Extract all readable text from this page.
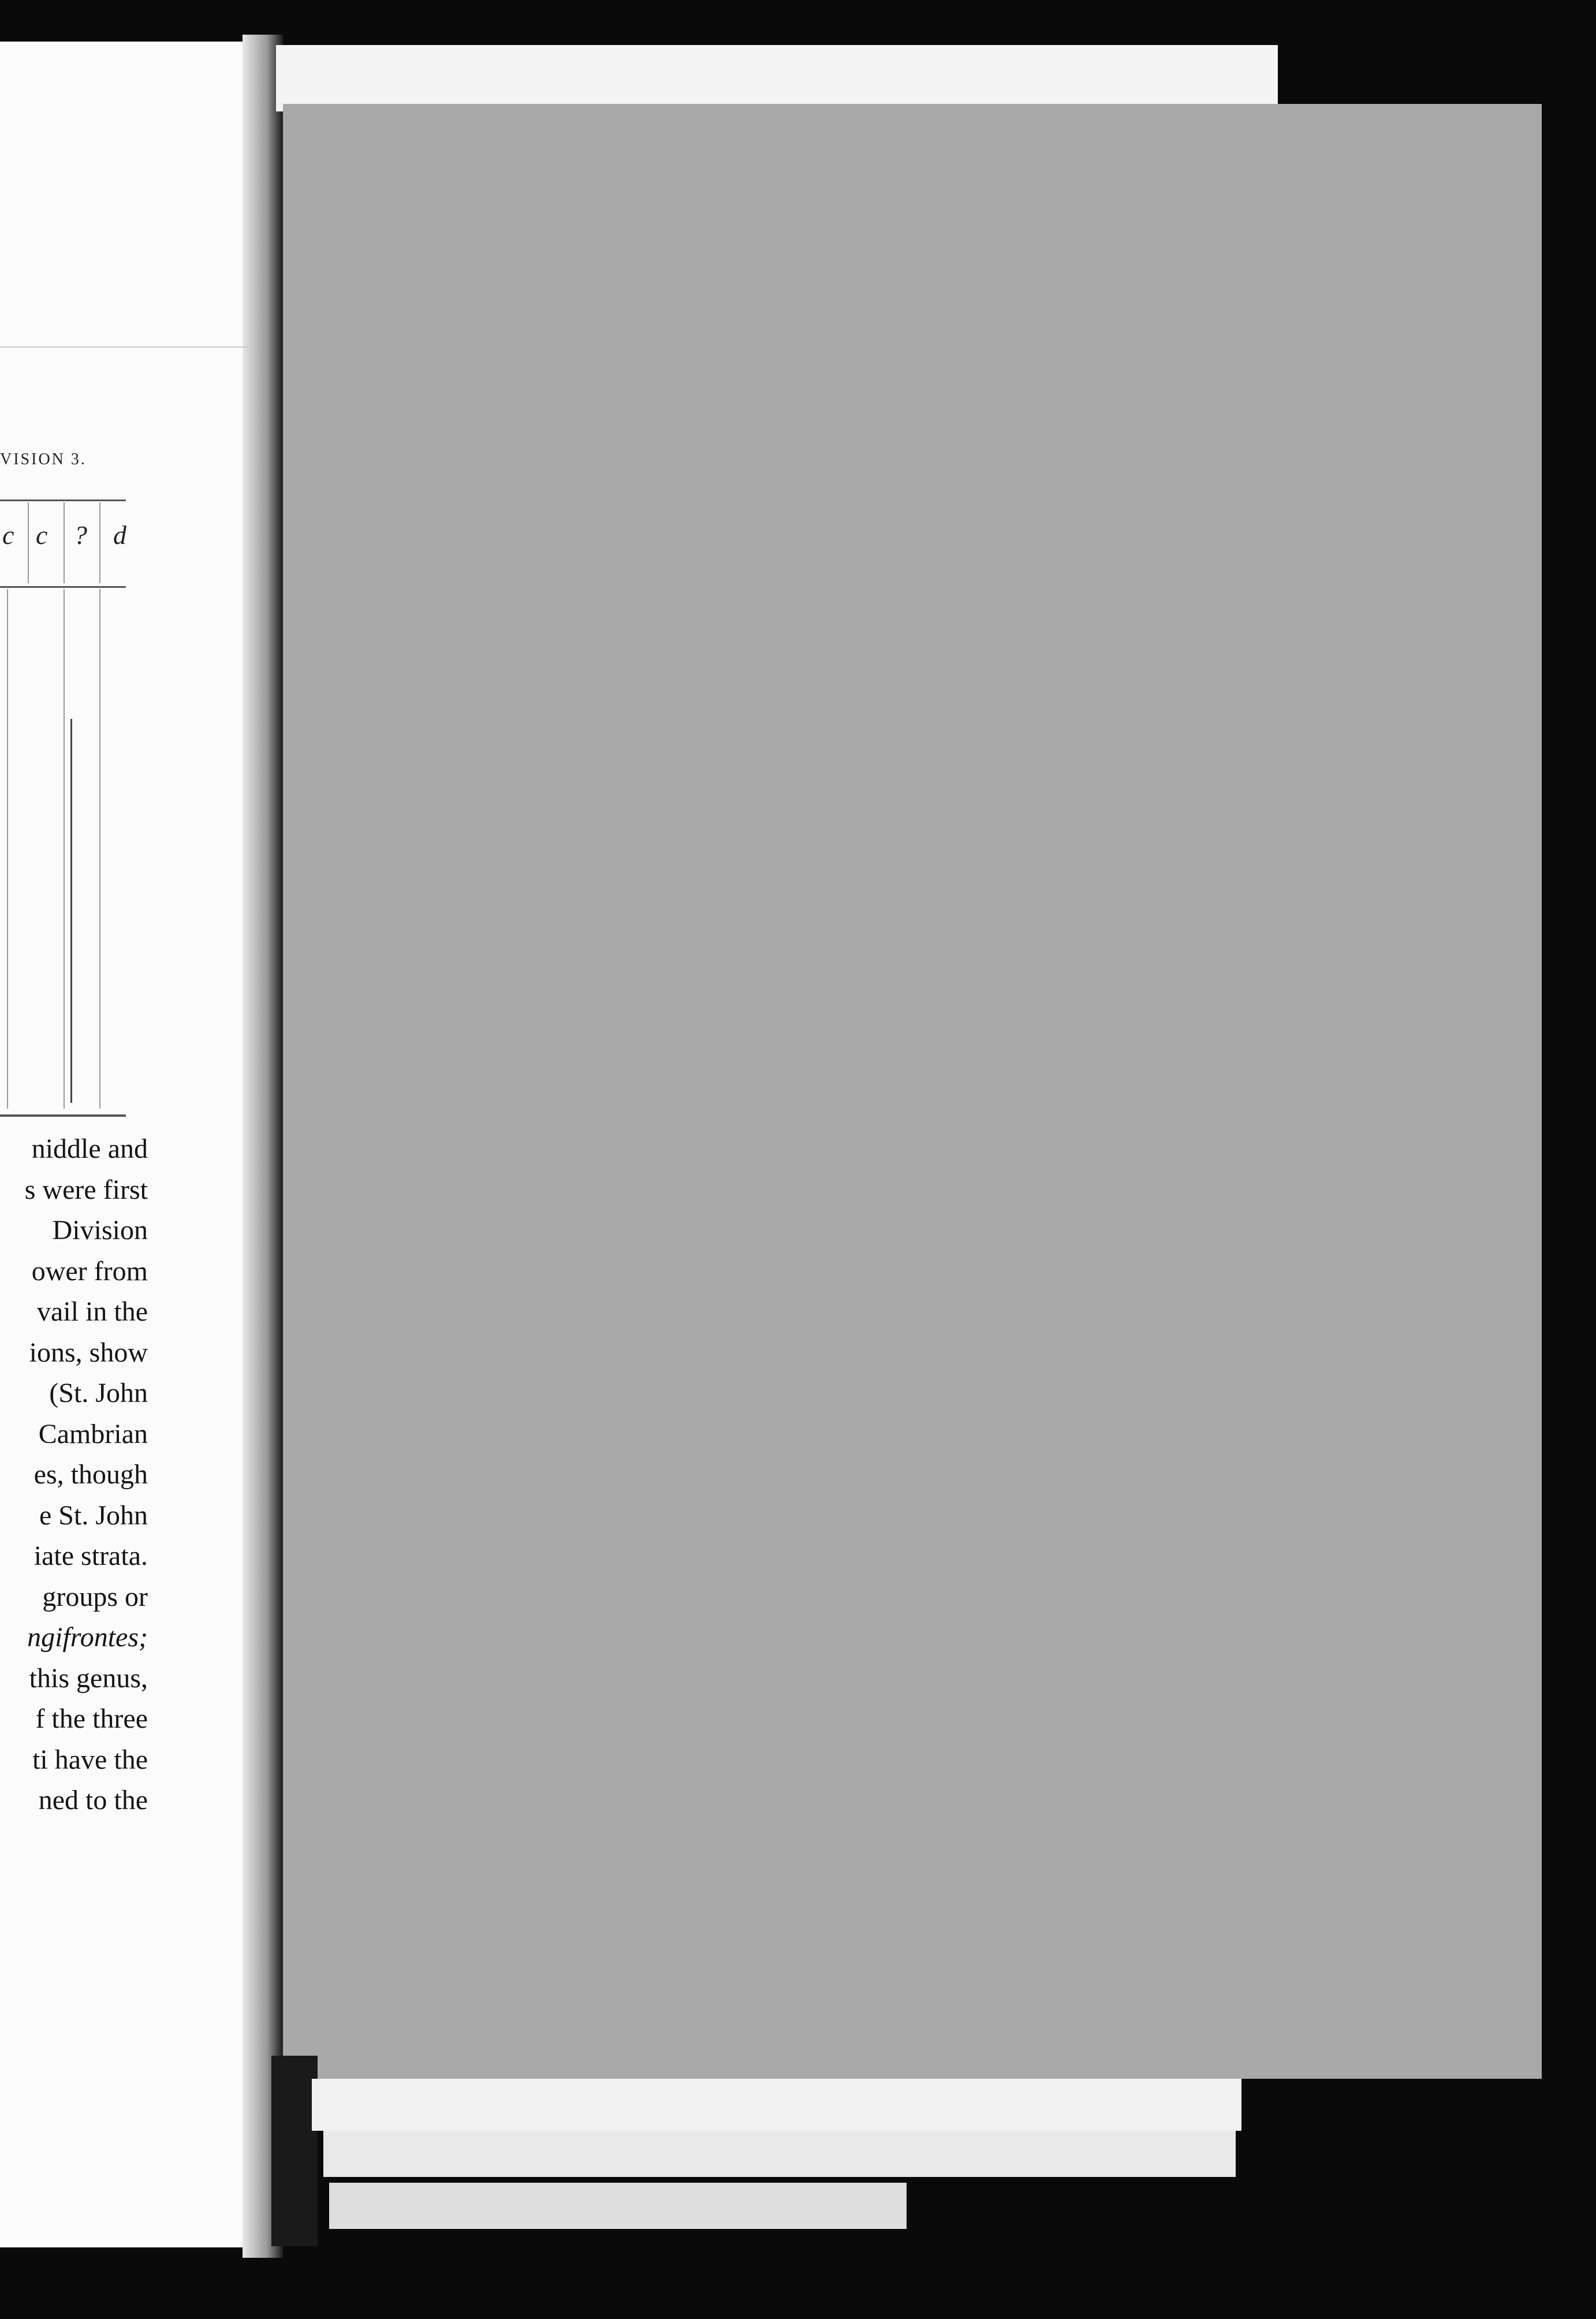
VISION 3.
c c ? d
niddle and
s were first
Division
ower from
vail in the
ions, show
(St. John
Cambrian
es, though
e St. John
iate strata.
groups or
ngifrontes;
this genus,
f the three
ti have the
ned to the
